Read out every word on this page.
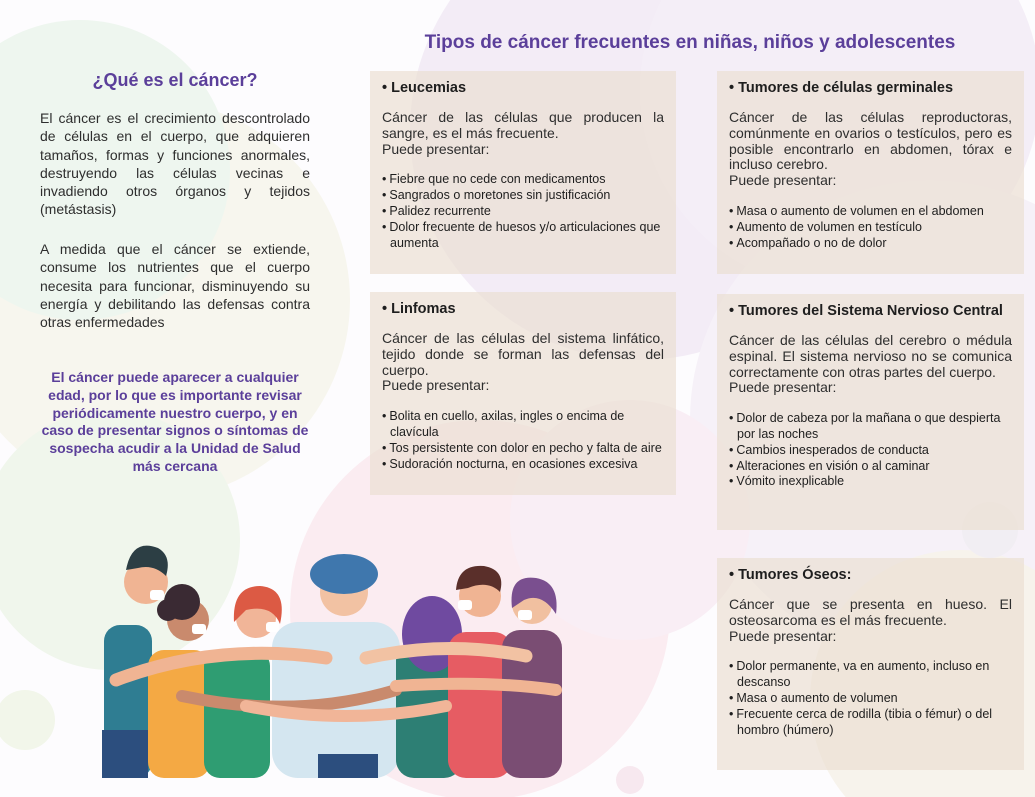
Tipos de cáncer frecuentes en niñas, niños y adolescentes
¿Qué es el cáncer?
El cáncer es el crecimiento descontrolado de células en el cuerpo, que adquieren tamaños, formas y funciones anormales, destruyendo las células vecinas e invadiendo otros órganos y tejidos (metástasis)
A medida que el cáncer se extiende, consume los nutrientes que el cuerpo necesita para funcionar, disminuyendo su energía y debilitando las defensas contra otras enfermedades
El cáncer puede aparecer a cualquier edad, por lo que es importante revisar periódicamente nuestro cuerpo, y en caso de presentar signos o síntomas de sospecha acudir a la Unidad de Salud más cercana
• Leucemias
Cáncer de las células que producen la sangre, es el más frecuente.
Puede presentar:
• Fiebre que no cede con medicamentos
• Sangrados o moretones sin justificación
• Palidez recurrente
• Dolor frecuente de huesos y/o articulaciones que aumenta
• Linfomas
Cáncer de las células del sistema linfático, tejido donde se forman las defensas del cuerpo.
Puede presentar:
• Bolita en cuello, axilas, ingles o encima de clavícula
• Tos persistente con dolor en pecho y falta de aire
• Sudoración nocturna, en ocasiones excesiva
• Tumores de células germinales
Cáncer de las células reproductoras, comúnmente en ovarios o testículos, pero es posible encontrarlo en abdomen, tórax e incluso cerebro.
Puede presentar:
• Masa o aumento de volumen en el abdomen
• Aumento de volumen en testículo
• Acompañado o no de dolor
• Tumores del Sistema Nervioso Central
Cáncer de las células del cerebro o médula espinal. El sistema nervioso no se comunica correctamente con otras partes del cuerpo.
Puede presentar:
• Dolor de cabeza por la mañana o que despierta por las noches
• Cambios inesperados de conducta
• Alteraciones en visión o al caminar
• Vómito inexplicable
• Tumores Óseos:
Cáncer que se presenta en hueso. El osteosarcoma es el más frecuente.
Puede presentar:
• Dolor permanente, va en aumento, incluso en descanso
• Masa o aumento de volumen
• Frecuente cerca de rodilla (tibia o fémur) o del hombro (húmero)
